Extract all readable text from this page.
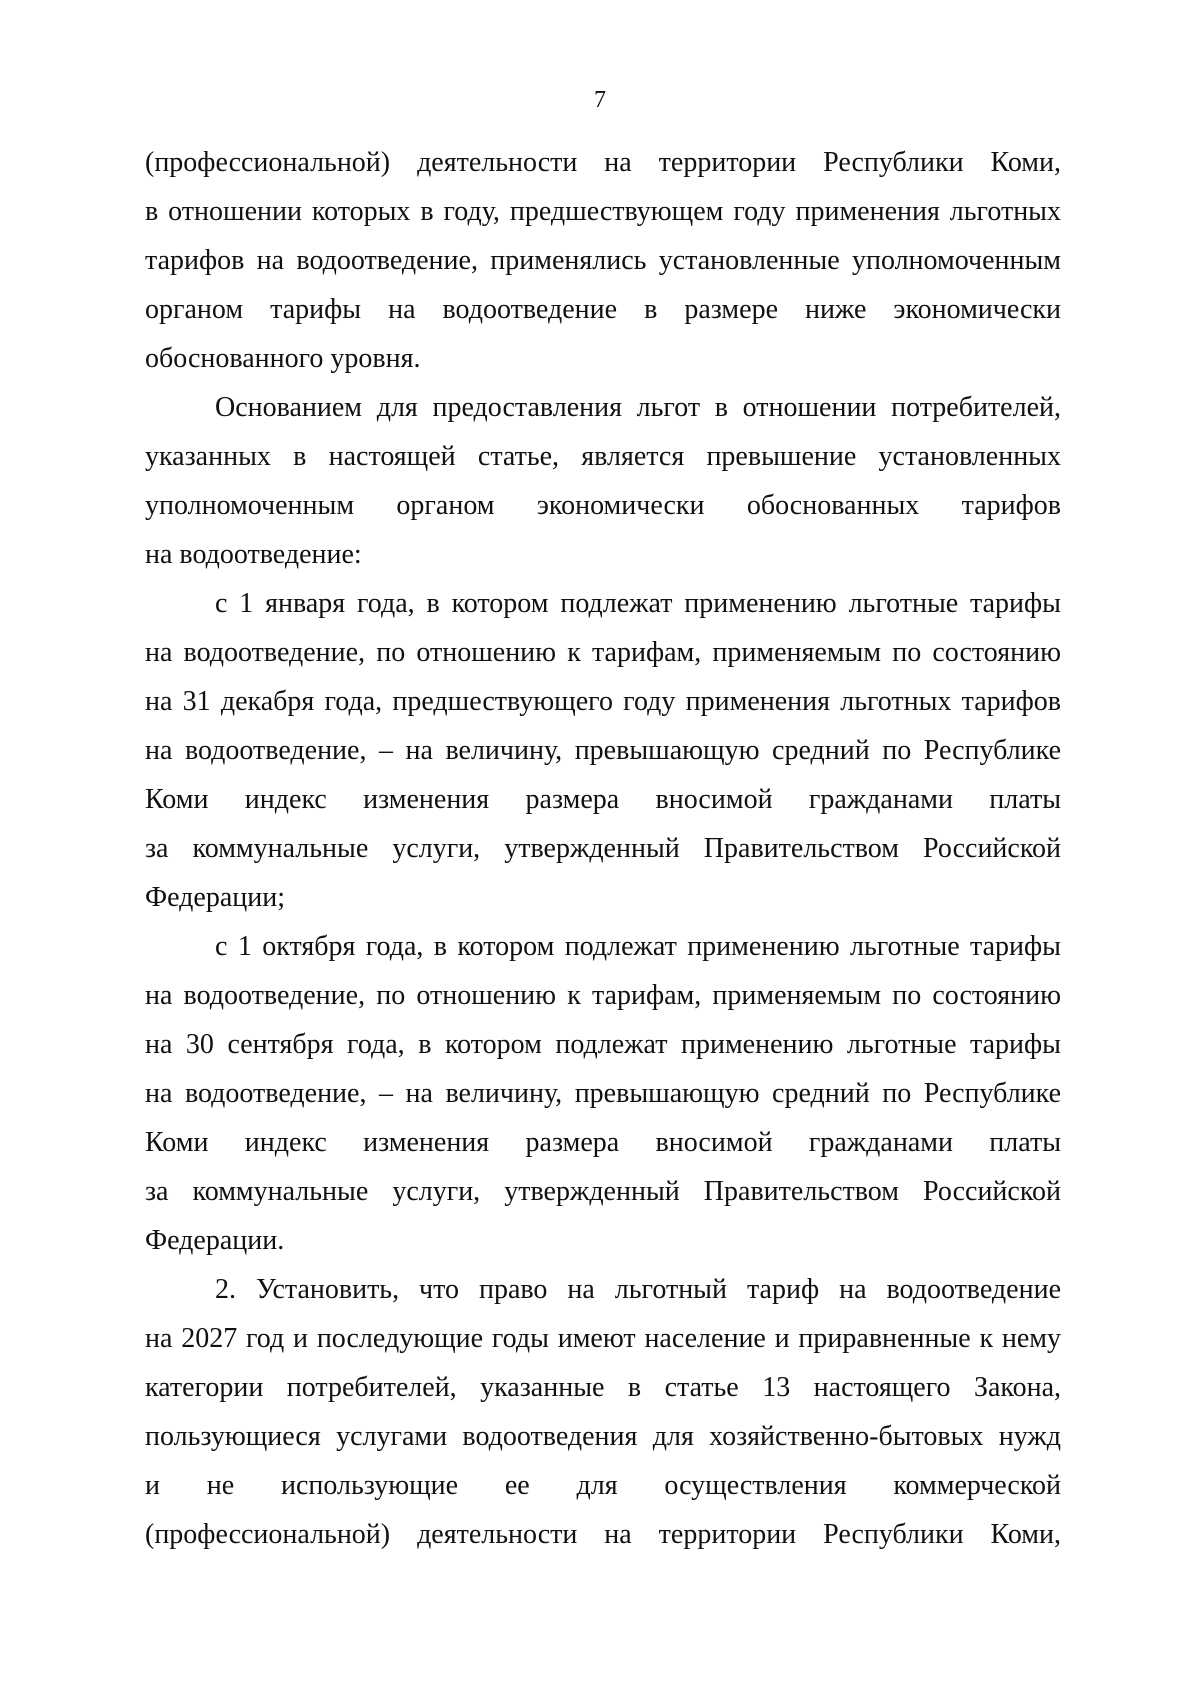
7
(профессиональной) деятельности на территории Республики Коми,
в отношении которых в году, предшествующем году применения льготных
тарифов на водоотведение, применялись установленные уполномоченным
органом тарифы на водоотведение в размере ниже экономически
обоснованного уровня.
Основанием для предоставления льгот в отношении потребителей,
указанных в настоящей статье, является превышение установленных
уполномоченным органом экономически обоснованных тарифов
на водоотведение:
с 1 января года, в котором подлежат применению льготные тарифы
на водоотведение, по отношению к тарифам, применяемым по состоянию
на 31 декабря года, предшествующего году применения льготных тарифов
на водоотведение, – на величину, превышающую средний по Республике
Коми индекс изменения размера вносимой гражданами платы
за коммунальные услуги, утвержденный Правительством Российской
Федерации;
с 1 октября года, в котором подлежат применению льготные тарифы
на водоотведение, по отношению к тарифам, применяемым по состоянию
на 30 сентября года, в котором подлежат применению льготные тарифы
на водоотведение, – на величину, превышающую средний по Республике
Коми индекс изменения размера вносимой гражданами платы
за коммунальные услуги, утвержденный Правительством Российской
Федерации.
2. Установить, что право на льготный тариф на водоотведение
на 2027 год и последующие годы имеют население и приравненные к нему
категории потребителей, указанные в статье 13 настоящего Закона,
пользующиеся услугами водоотведения для хозяйственно-бытовых нужд
и не использующие ее для осуществления коммерческой
(профессиональной) деятельности на территории Республики Коми,
